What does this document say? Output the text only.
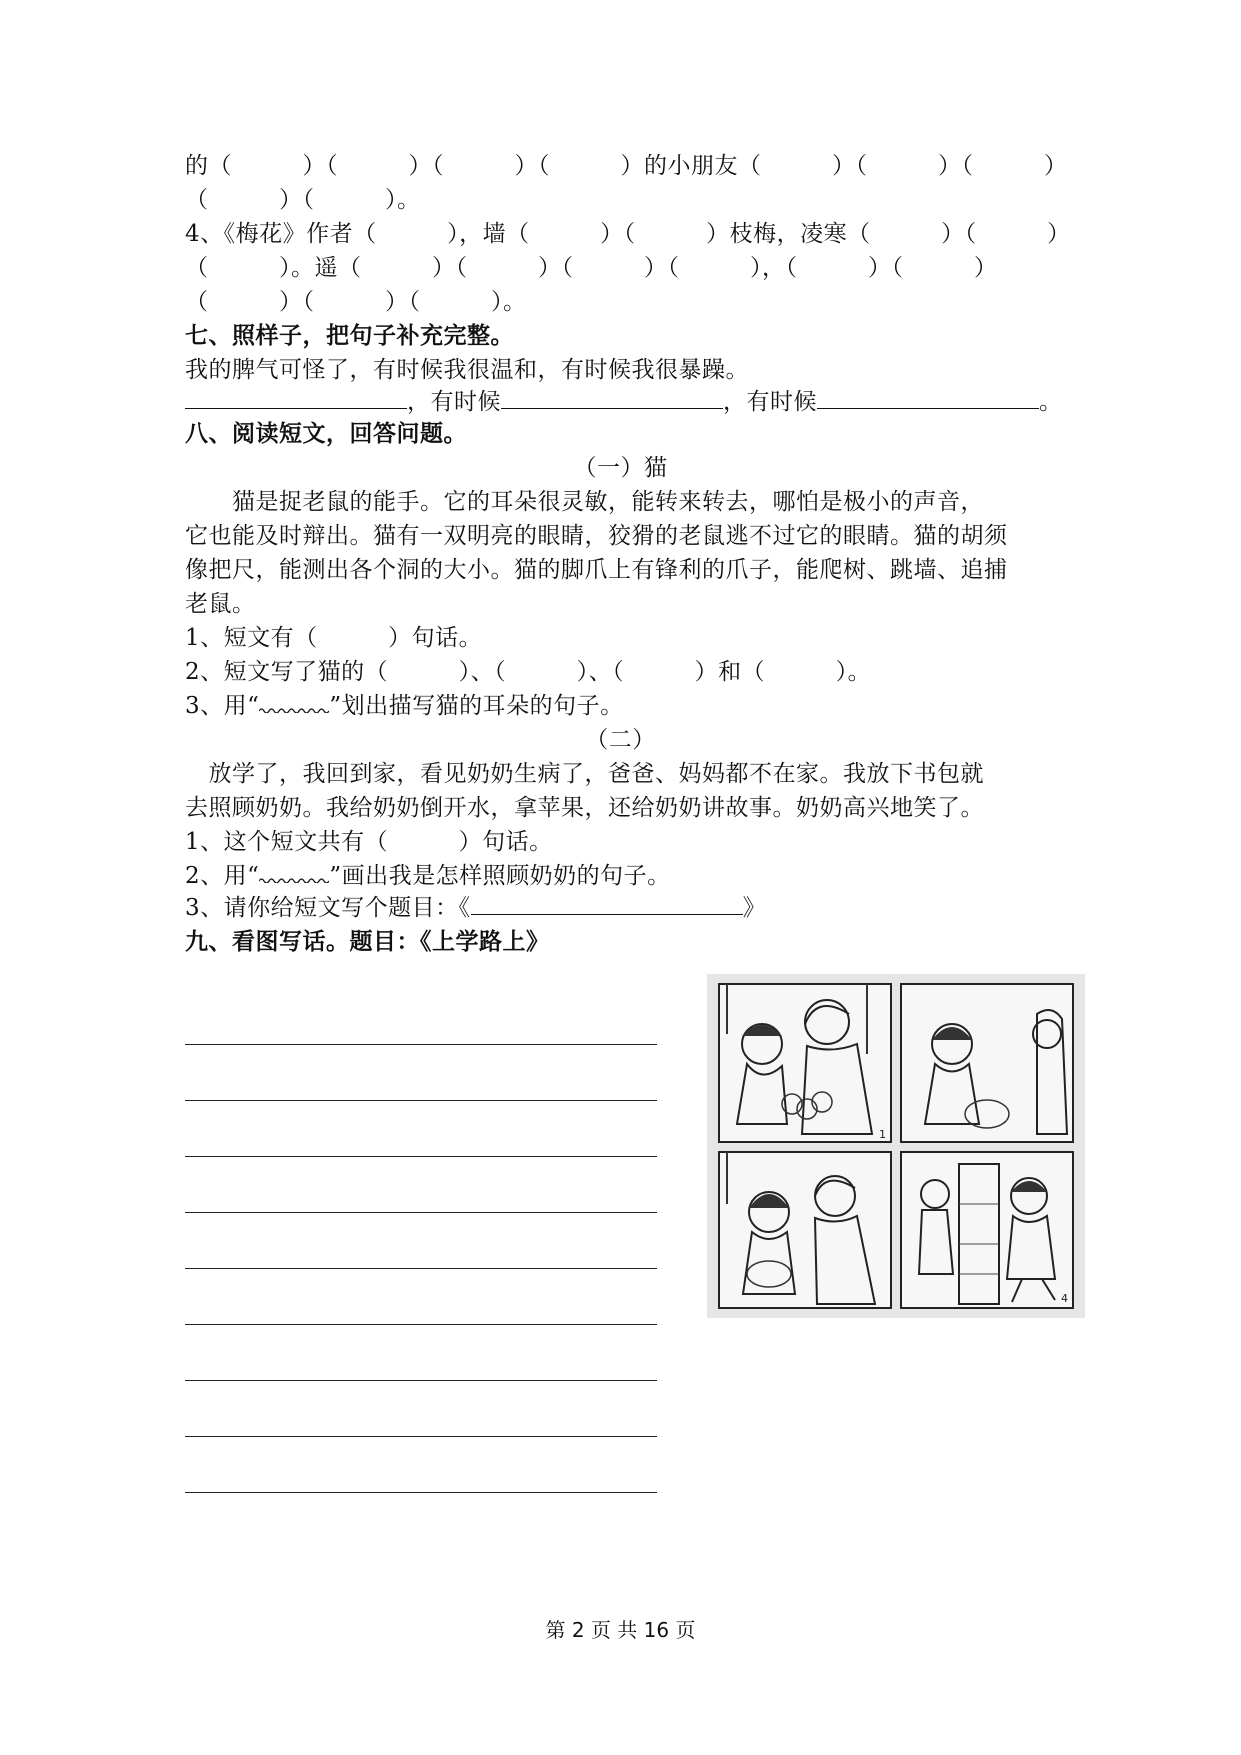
的（　　　）（　　　）（　　　）（　　　）的小朋友（　　　）（　　　）（　　　）
（　　　）（　　　）。
4、《梅花》作者（　　　），墙（　　　）（　　　）枝梅，凌寒（　　　）（　　　）
（　　　）。遥（　　　）（　　　）（　　　）（　　　），（　　　）（　　　）
（　　　）（　　　）（　　　）。
七、照样子，把句子补充完整。
我的脾气可怪了，有时候我很温和，有时候我很暴躁。
，有时候	，有时候	。
八、阅读短文，回答问题。
（一）猫
　　猫是捉老鼠的能手。它的耳朵很灵敏，能转来转去，哪怕是极小的声音，
它也能及时辩出。猫有一双明亮的眼睛，狡猾的老鼠逃不过它的眼睛。猫的胡须
像把尺，能测出各个洞的大小。猫的脚爪上有锋利的爪子，能爬树、跳墙、追捕
老鼠。
1、短文有（　　　）句话。
2、短文写了猫的（　　　）、（　　　）、（　　　）和（　　　）。
3、用“	”划出描写猫的耳朵的句子。
（二）
　放学了，我回到家，看见奶奶生病了，爸爸、妈妈都不在家。我放下书包就
去照顾奶奶。我给奶奶倒开水，拿苹果，还给奶奶讲故事。奶奶高兴地笑了。
1、这个短文共有（　　　）句话。
2、用“	”画出我是怎样照顾奶奶的句子。
3、请你给短文写个题目：《	》
九、看图写话。题目：《上学路上》
1
4
第 2 页 共 16 页
